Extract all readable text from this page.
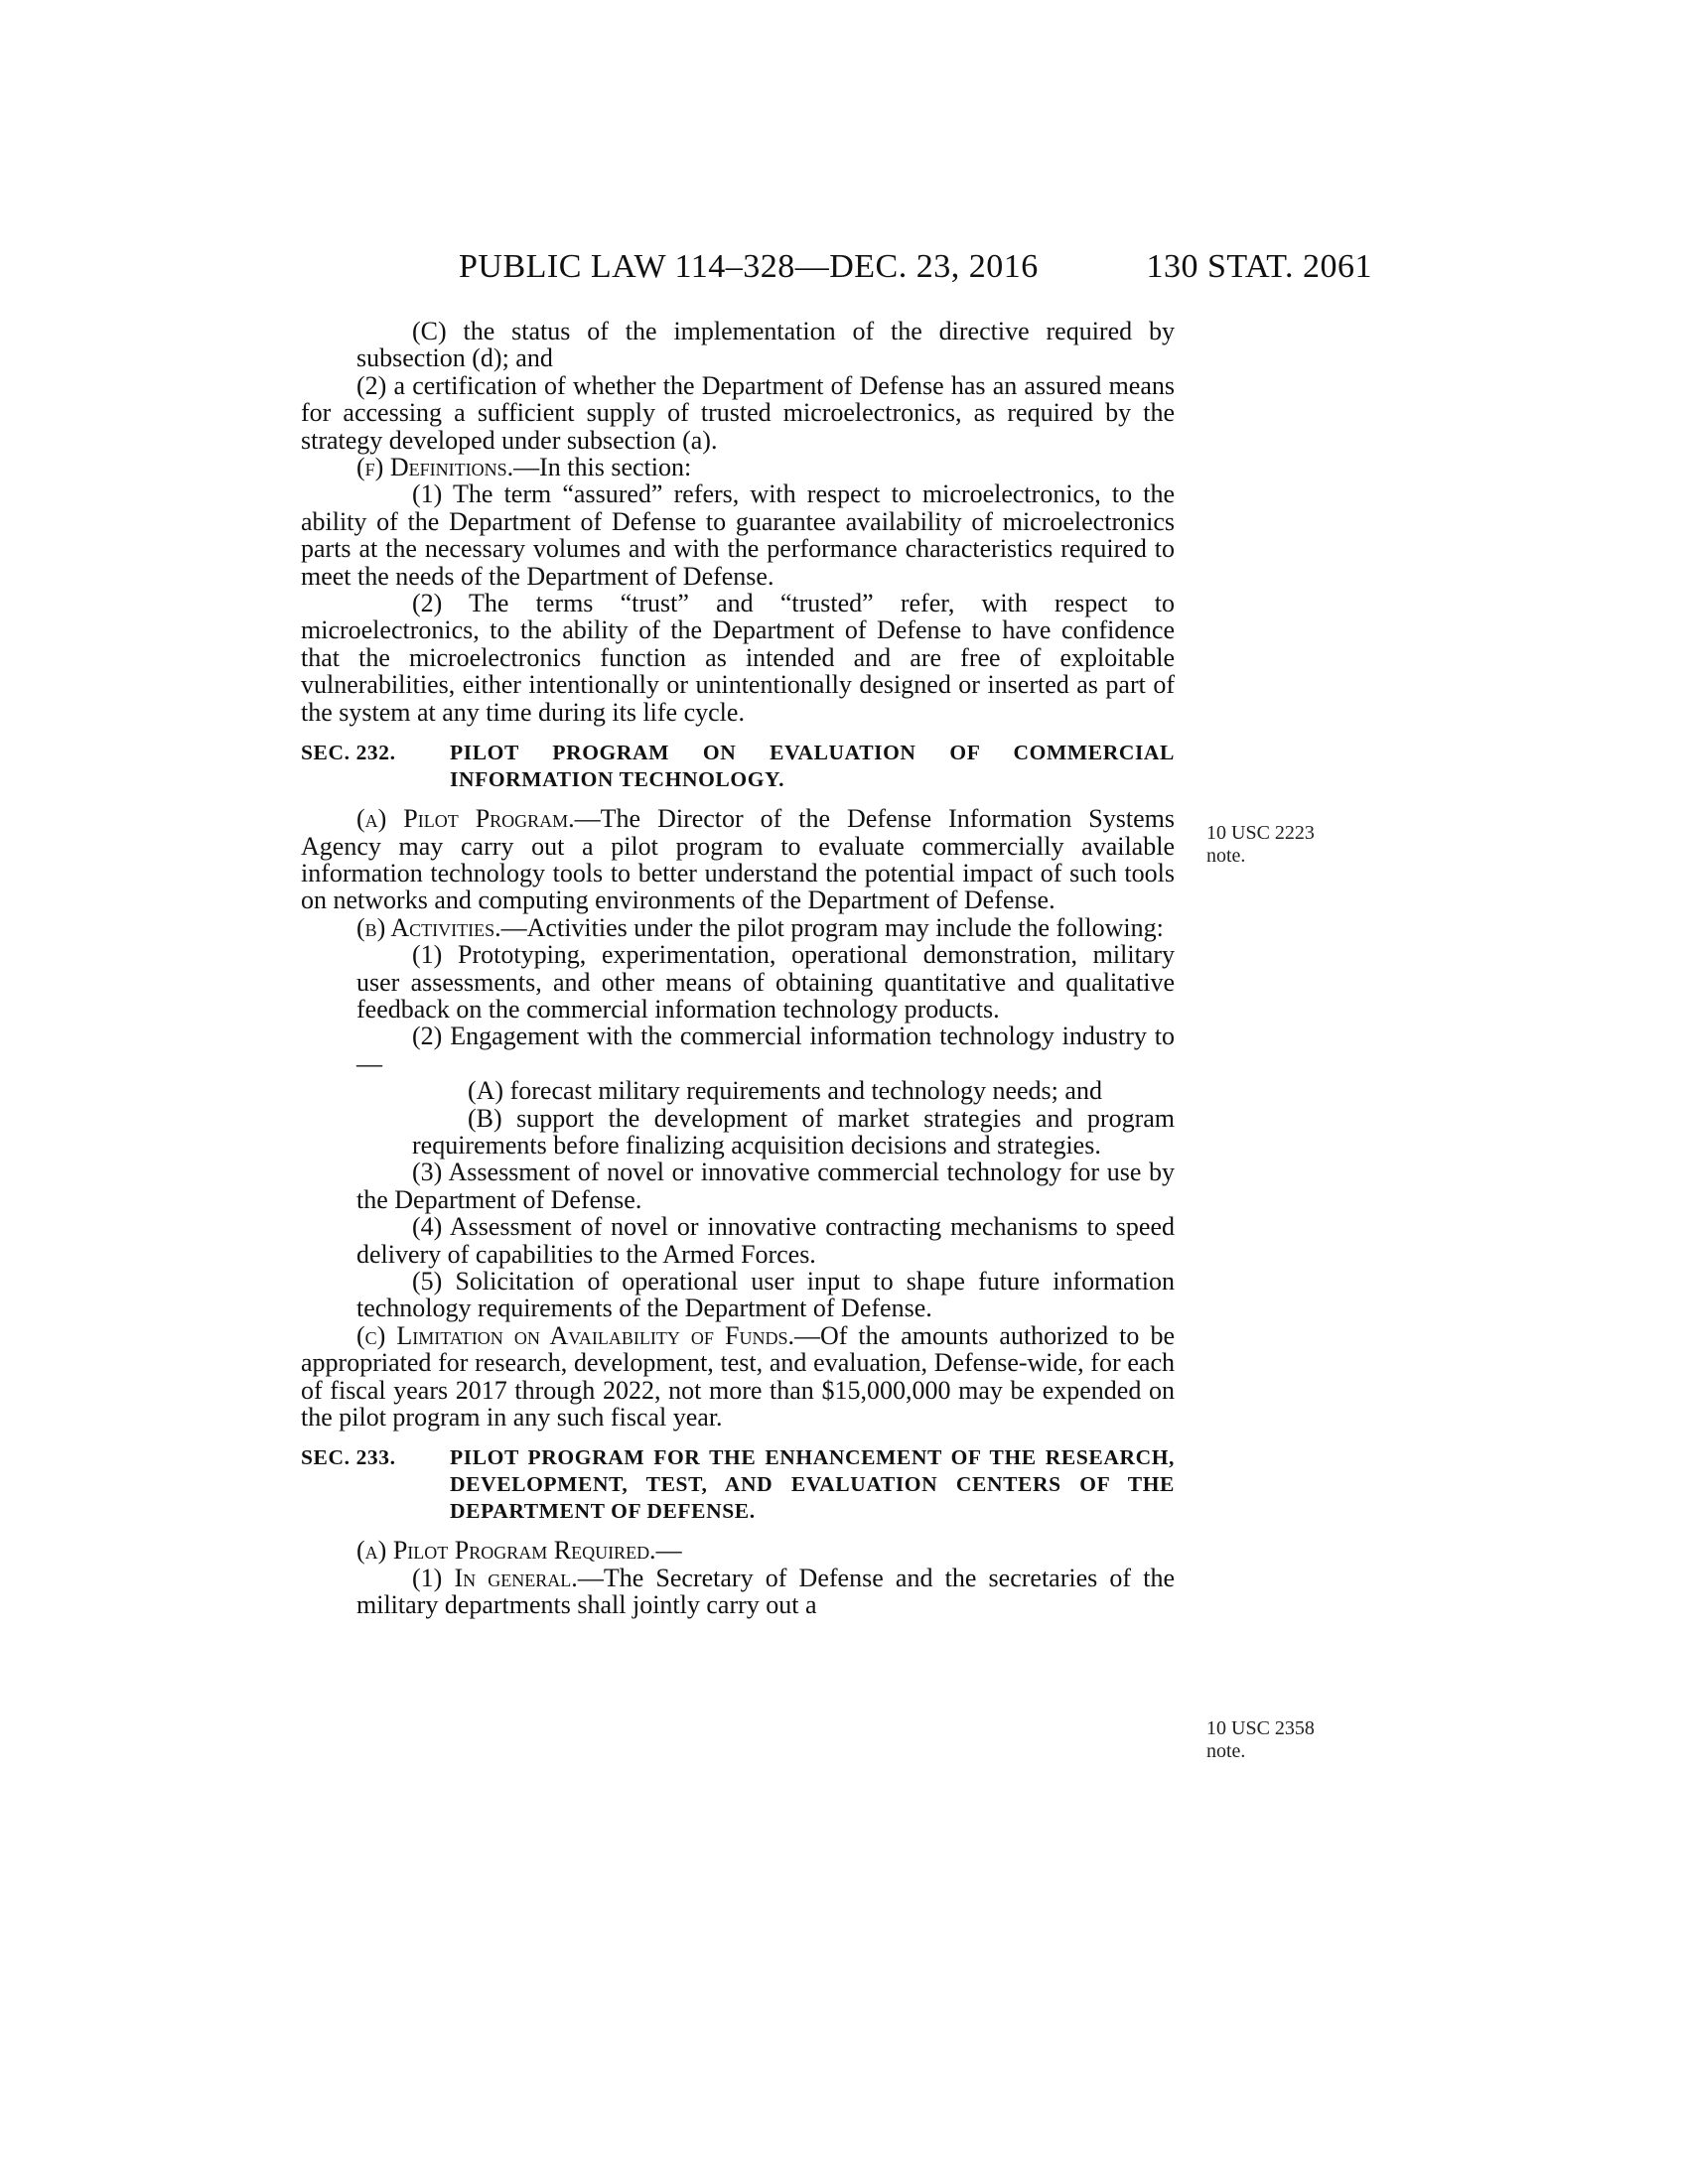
PUBLIC LAW 114–328—DEC. 23, 2016	130 STAT. 2061

(C) the status of the implementation of the directive required by subsection (d); and

(2) a certification of whether the Department of Defense has an assured means for accessing a sufficient supply of trusted microelectronics, as required by the strategy developed under subsection (a).

(f) Definitions.—In this section:

(1) The term “assured” refers, with respect to microelectronics, to the ability of the Department of Defense to guarantee availability of microelectronics parts at the necessary volumes and with the performance characteristics required to meet the needs of the Department of Defense.

(2) The terms “trust” and “trusted” refer, with respect to microelectronics, to the ability of the Department of Defense to have confidence that the microelectronics function as intended and are free of exploitable vulnerabilities, either intentionally or unintentionally designed or inserted as part of the system at any time during its life cycle.

SEC. 232.	PILOT PROGRAM ON EVALUATION OF COMMERCIAL INFORMATION TECHNOLOGY.

(a) Pilot Program.—The Director of the Defense Information Systems Agency may carry out a pilot program to evaluate commercially available information technology tools to better understand the potential impact of such tools on networks and computing environments of the Department of Defense.

(b) Activities.—Activities under the pilot program may include the following:

(1) Prototyping, experimentation, operational demonstration, military user assessments, and other means of obtaining quantitative and qualitative feedback on the commercial information technology products.

(2) Engagement with the commercial information technology industry to—

(A) forecast military requirements and technology needs; and

(B) support the development of market strategies and program requirements before finalizing acquisition decisions and strategies.

(3) Assessment of novel or innovative commercial technology for use by the Department of Defense.

(4) Assessment of novel or innovative contracting mechanisms to speed delivery of capabilities to the Armed Forces.

(5) Solicitation of operational user input to shape future information technology requirements of the Department of Defense.

(c) Limitation on Availability of Funds.—Of the amounts authorized to be appropriated for research, development, test, and evaluation, Defense-wide, for each of fiscal years 2017 through 2022, not more than $15,000,000 may be expended on the pilot program in any such fiscal year.

SEC. 233.	PILOT PROGRAM FOR THE ENHANCEMENT OF THE RESEARCH, DEVELOPMENT, TEST, AND EVALUATION CENTERS OF THE DEPARTMENT OF DEFENSE.

(a) Pilot Program Required.—

(1) In general.—The Secretary of Defense and the secretaries of the military departments shall jointly carry out a

10 USC 2223
note.
10 USC 2358
note.
